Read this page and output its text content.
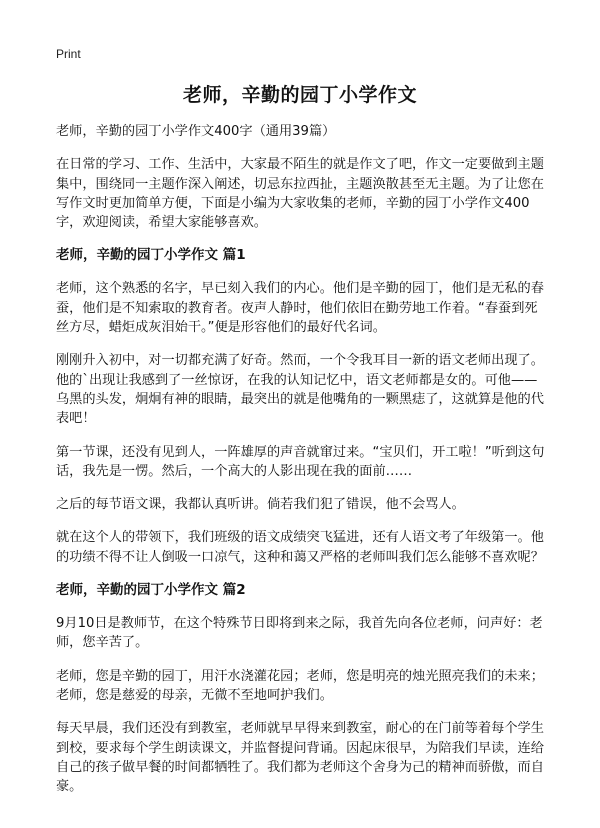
Print
老师，辛勤的园丁小学作文

老师，辛勤的园丁小学作文400字（通用39篇）

在日常的学习、工作、生活中，大家最不陌生的就是作文了吧，作文一定要做到主题集中，围绕同一主题作深入阐述，切忌东拉西扯，主题涣散甚至无主题。为了让您在写作文时更加简单方便，下面是小编为大家收集的老师，辛勤的园丁小学作文400字，欢迎阅读，希望大家能够喜欢。

老师，辛勤的园丁小学作文 篇1

老师，这个熟悉的名字，早已刻入我们的内心。他们是辛勤的园丁，他们是无私的春蚕，他们是不知索取的教育者。夜声人静时，他们依旧在勤劳地工作着。“春蚕到死丝方尽，蜡炬成灰泪始干。”便是形容他们的最好代名词。

刚刚升入初中，对一切都充满了好奇。然而，一个令我耳目一新的语文老师出现了。他的`出现让我感到了一丝惊讶，在我的认知记忆中，语文老师都是女的。可他——乌黑的头发，炯炯有神的眼睛，最突出的就是他嘴角的一颗黑痣了，这就算是他的代表吧！

第一节课，还没有见到人，一阵雄厚的声音就窜过来。“宝贝们，开工啦！”听到这句话，我先是一愣。然后，一个高大的人影出现在我的面前……

之后的每节语文课，我都认真听讲。倘若我们犯了错误，他不会骂人。

就在这个人的带领下，我们班级的语文成绩突飞猛进，还有人语文考了年级第一。他的功绩不得不让人倒吸一口凉气，这种和蔼又严格的老师叫我们怎么能够不喜欢呢？

老师，辛勤的园丁小学作文 篇2

9月10日是教师节，在这个特殊节日即将到来之际，我首先向各位老师，问声好：老师，您辛苦了。

老师，您是辛勤的园丁，用汗水浇灌花园；老师，您是明亮的烛光照亮我们的未来；老师，您是慈爱的母亲，无微不至地呵护我们。

每天早晨，我们还没有到教室，老师就早早得来到教室，耐心的在门前等着每个学生到校，要求每个学生朗读课文，并监督提问背诵。因起床很早，为陪我们早读，连给自己的孩子做早餐的时间都牺牲了。我们都为老师这个舍身为己的精神而骄傲，而自豪。
